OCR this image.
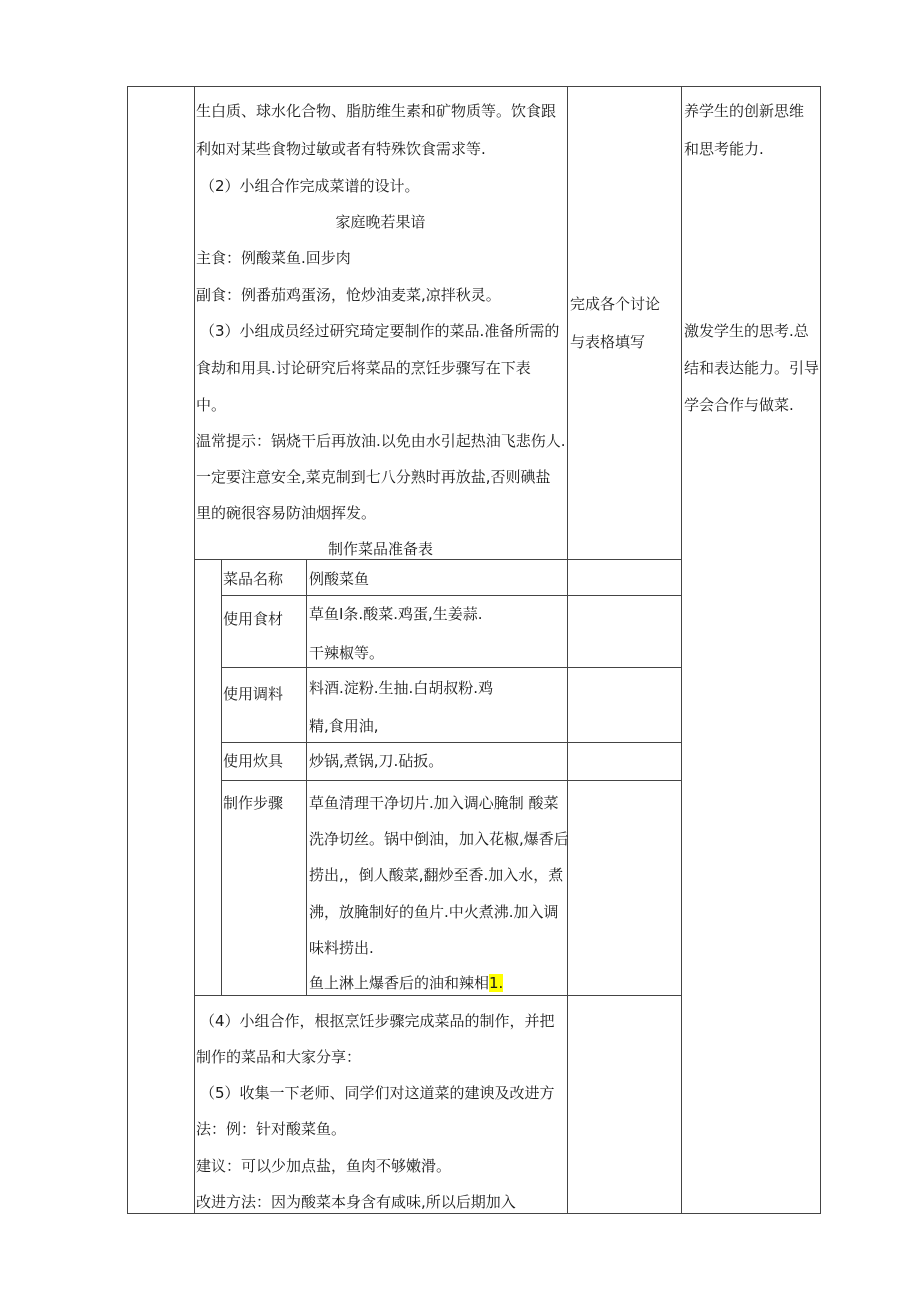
生白质、球水化合物、脂肪维生素和矿物质等。饮食跟
利如对某些食物过敏或者有特殊饮食需求等.
（2）小组合作完成菜谱的设计。
家庭晚若果谙
主食：例酸菜鱼.回步肉
副食：例番茄鸡蛋汤，怆炒油麦菜,凉拌秋灵。
（3）小组成员经过研究琦定要制作的菜品.准备所需的
食劫和用具.讨论研究后将菜品的烹饪步骤写在下表
中。
温常提示：锅烧干后再放油.以免由水引起热油飞悲伤人.
一定要注意安全,菜克制到七八分熟时再放盐,否则碘盐
里的碗很容易防油烟挥发。
制作菜品准备表
菜品名称 例酸菜鱼
使用食材 草鱼I条.酸菜.鸡蛋,生姜蒜.
干辣椒等。
使用调料 料酒.淀粉.生抽.白胡叔粉.鸡
精,食用油,
使用炊具 炒锅,煮锅,刀.砧扳。
制作步骤 草鱼清理干净切片.加入调心腌制 酸菜
洗净切丝。锅中倒油，加入花椒,爆香后
捞出,，倒人酸菜,翻炒至香.加入水，煮
沸，放腌制好的鱼片.中火煮沸.加入调
味料捞出.
鱼上淋上爆香后的油和辣相1.
（4）小组合作，根抠烹饪步骤完成菜品的制作，并把
制作的菜品和大家分享：
（5）收集一下老师、同学们对这道菜的建谀及改进方
法：例：针对酸菜鱼。
建议：可以少加点盐，鱼肉不够嫩滑。
改进方法：因为酸菜本身含有咸味,所以后期加入
完成各个讨论
与表格填写
养学生的创新思维
和思考能力.
激发学生的思考.总
结和表达能力。引导
学会合作与做菜.
